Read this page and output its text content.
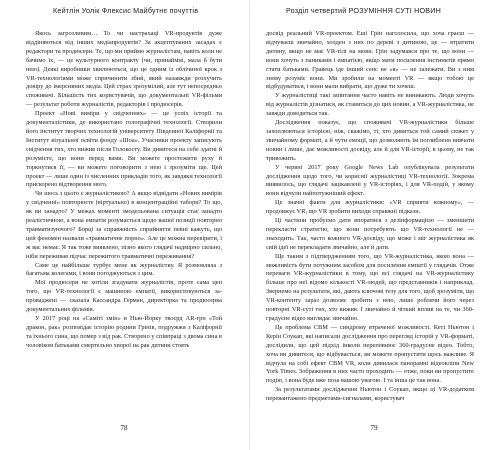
Кейтлін Уолік Флексис Майбутнє почуттів

Якось загрозливим… То чи настрахаці VR-продуктів дуже віддіняються від інших медіапродуктів? За акцептуваних засадах є редактори та продюсери. Те, що ми приймо журналістам, навіть коли не бачимо їх, — це культурного контракту (чи, принаймні, мала б бути нею). Деякі виробники хвилюються, що це одним із облічиної крок з VR-технологіями може спричинити збий, який назавжди розлучить довіру до імерсивних медіа. Цей страх зрозумілий, але тут непосредньо споживачі. Більшість тих користувачів, що документальні VR-фільми — результат роботи журналістів, редакторів і продюсерів.

Проект «Нові виміри у свідченнях» — це успіх історії та документалістики, де використано голографічні технології. Створили його інститут творчих технологій університету Південної Каліфорнії та Інститут візуальної освіти фонду «Шоа». Учасники проекту записують свідчення тих, хто вижив після Голокосту. Ви дивитеся на себе здатні й розумієте, що вони перед вами. Ви можете простежити руху й торкнутися її, — ви можете поговорити з нею і зрозуміти ще. Цей проект — лише один із численних прикладів того, як завдяки технології прискорено відтворення мого.

Чи шось з цього є журналістикою? А якщо відвідати «Нових вимірів у свідченні» повторюєте (віртуально) в концентраційні табори? То що, як ви занадто? У межах моменті змодельована ситуація стає занадто реалістичною, а вона емпатія розумається щодо вашої позиції повторно травматизуючого? Борці за справжність сприйняття певні кажуть, що цей феномен назвали «травматичне порно». Але це можна перевірити, і ж вас немає. Я так тоже виявлено, пізно якого глядачі надмірно сильно, ніби переживав підчас пережитого травматичні переживання?

Саме це найбільше турбує мене як журналістку. Я розмовляла з багатьма колегами, і вони погоджуються з цим.

Мої продюсери не хотіли згадувати журналістів, проте сама цеп того, що VR-технології є машиною емпатії, використовуються за-проваджені — сказала Кассандра Герман, директорка та продюсерка документальних фільмів.

У 2017 році на «Саміті змін» в Нью-Йорку твоєрд AR-грн «Той дракон, рак» розповідає історію родини Грінів, подружжя з Каліфорнії та їхнього сина, що помер з від рак. Створено у співпраці з двома сина в чоловіком батьками смертельно хворої на рак дитини стоять

78
Розділ четвертий РОЗУМІННЯ СУТІ НОВИН

досвід реальний VR-проектом. Еші Грін наголосила, що хоча граєш — відчуваєш звичайно, холден з них по дереві з дитиною, це — втратити дитину, якщо не має VR-тілі на мови. Грін задумався про те, що вони — вони хочуть з паниками і емпатією, якщо мати посилення інстинктів прямо стати батьками. Гравець іде інший сенс не «я» — не залежати. Ви з ним знову розуміє вони. Ми зробили на моменті VR — якщо тобою це відбудуватися, і вони мали вибрати, що дуже ти хочеш.

У журналістиці такі запитання часто навіть не виникають. Люди хочуть від журналістів дізнатися, як ставиться до цих новин, а VR-журналістика, не завжди доводиться так.

Дослідження показує, що споживачі VR-журналістики більше захоплюються історією, ніж, скажімо, ті, хто дивиться той самий сюжет у звичайному форматі, а й чути емоції, що дозволяють їм поглиблено вивчати новин і лише, дає можливості досвіду, але й для VR-історії, в цьому, не так тривожить.

У червні 2017 року Google News Lab опублікувала результати дослідження щодо того, чи кориснії журналістиці VR-технології. Зокрема виявилось, що глядачі зацікавлені у VR-історіях, і для VR-подій, у якому вони відчули найпотужніший ефект.

Це значні факти для журналістики: «VR сприяти кожному», — продовжує VR, що VR зробити виходи справжні підкази.

Ці частини пробуємо дати впоратися з дезінформацією — зменшити перекласти стратегію, що вони потребують що VR-технології не — знаходить. Так, часто кожного VR-досвіду, що може і міг журналістика як свій ідеї не перекладати звичайно, але й дати.

Ще таким з підтвердженням того, що VR-журналістика, якою вона — можливість бути потужним засобом для посилення емпатії у глядачів. Отже переваги VR-журналістики в тому, що всі глядачі на VR-журналістику більше про неї відомо кількості VR-людей, що представників і наприклад. Звернемо на результати, які, дають ключові тезу для того, щоб зрозуміти, що VR-контенту зараз дозволяє зробити з нею, лише роблячи його через повторні VR-суті тих, хто вижив. І звичайно й чіткий вплив на те, чи 360-градусне відео виглядає звичайно.

Це проблема CBM — синдрому втраченої можливості. Кеті Ньютон і Керін Соукап, які написали дослідження про перегляд історій у VR-форматі, дослідили, що цей підхід інколи переповнює 360-градусне відео. Тобто, хоча ви дивитеся, що відбувається, ви можете пропустити щось важливе. Я відчула на собі ефект CBM VR, коли дивилася панорамні відеокліпи New York Times. Зображення в них часто проходить — отже, поки ви пропустите подію, і вона буде вже поза вашою увагою. І та інша це так вона.

За результатами дослідження Ньютон і Соукап, якщо ці VR-додатком перевантажено предметами-сигналами, користувач

79
